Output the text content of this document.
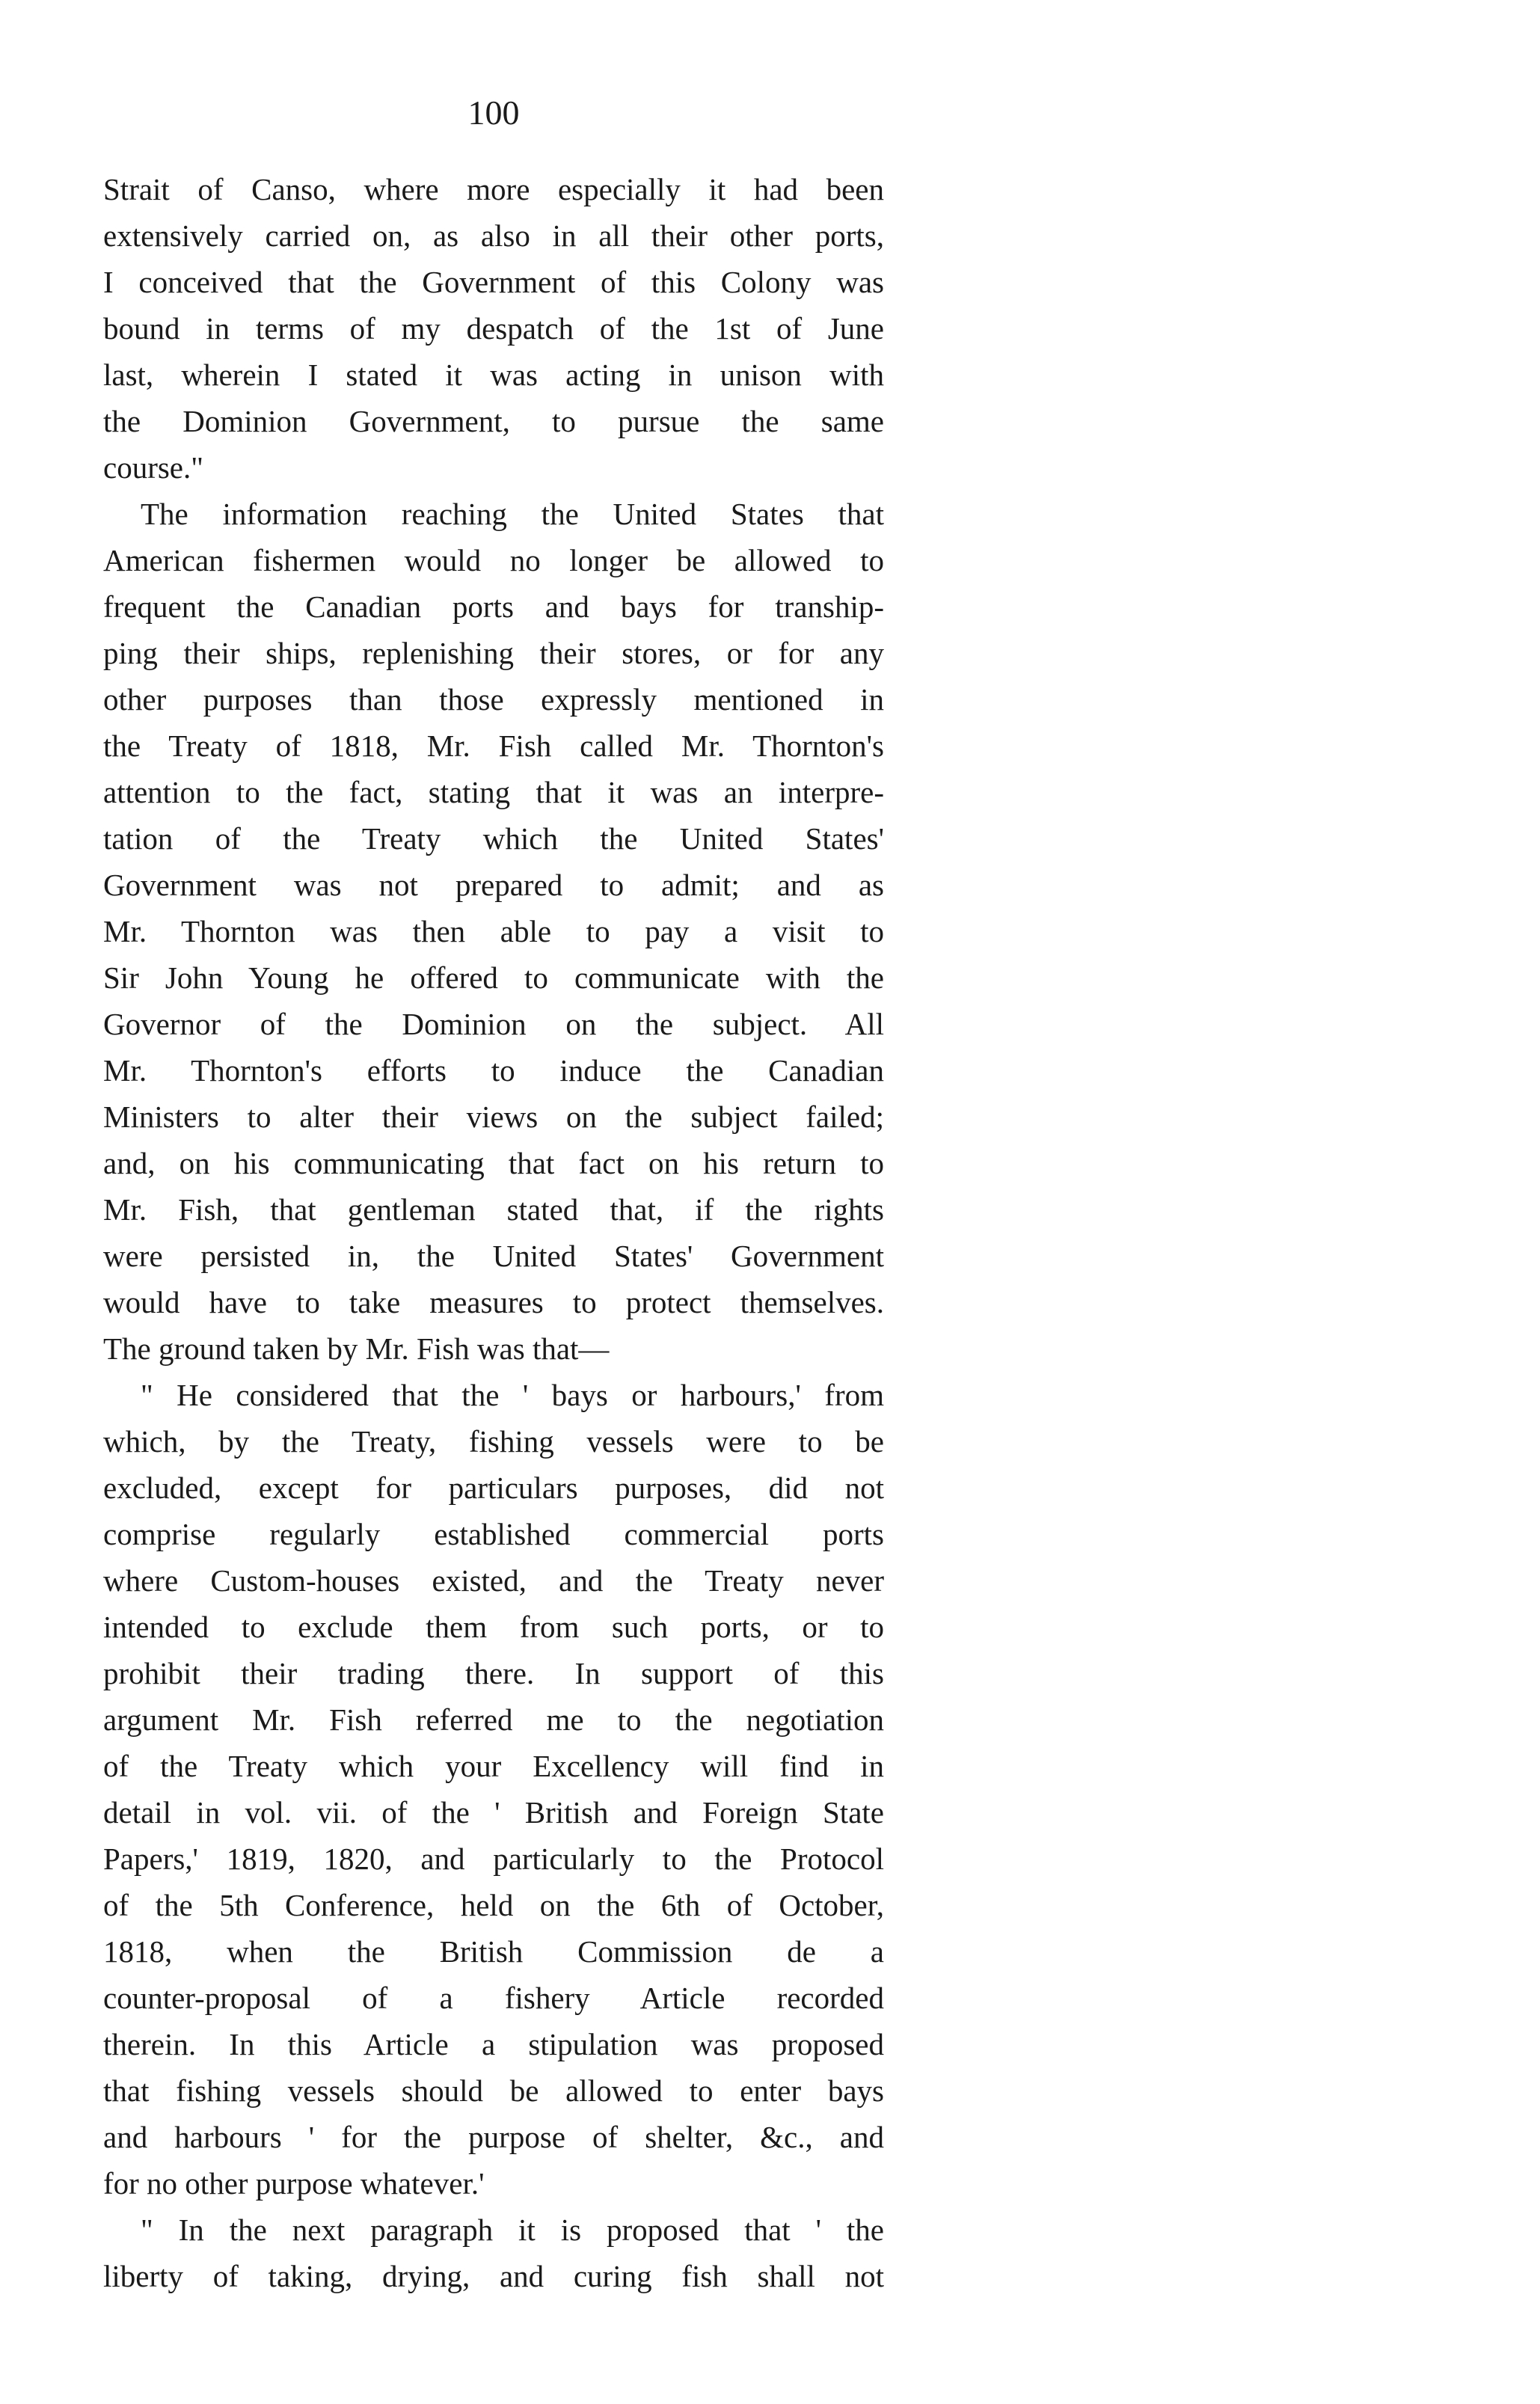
100
Strait of Canso, where more especially it had been
extensively carried on, as also in all their other ports,
I conceived that the Government of this Colony was
bound in terms of my despatch of the 1st of June
last, wherein I stated it was acting in unison with
the Dominion Government, to pursue the same
course."
The information reaching the United States that
American fishermen would no longer be allowed to
frequent the Canadian ports and bays for tranship-
ping their ships, replenishing their stores, or for any
other purposes than those expressly mentioned in
the Treaty of 1818, Mr. Fish called Mr. Thornton's
attention to the fact, stating that it was an interpre-
tation of the Treaty which the United States'
Government was not prepared to admit; and as
Mr. Thornton was then able to pay a visit to
Sir John Young he offered to communicate with the
Governor of the Dominion on the subject. All
Mr. Thornton's efforts to induce the Canadian
Ministers to alter their views on the subject failed;
and, on his communicating that fact on his return to
Mr. Fish, that gentleman stated that, if the rights
were persisted in, the United States' Government
would have to take measures to protect themselves.
The ground taken by Mr. Fish was that—
" He considered that the ' bays or harbours,' from
which, by the Treaty, fishing vessels were to be
excluded, except for particulars purposes, did not
comprise regularly established commercial ports
where Custom-houses existed, and the Treaty never
intended to exclude them from such ports, or to
prohibit their trading there. In support of this
argument Mr. Fish referred me to the negotiation
of the Treaty which your Excellency will find in
detail in vol. vii. of the ' British and Foreign State
Papers,' 1819, 1820, and particularly to the Protocol
of the 5th Conference, held on the 6th of October,
1818, when the British Commission de a
counter-proposal of a fishery Article recorded
therein. In this Article a stipulation was proposed
that fishing vessels should be allowed to enter bays
and harbours ' for the purpose of shelter, &c., and
for no other purpose whatever.'
" In the next paragraph it is proposed that ' the
liberty of taking, drying, and curing fish shall not
